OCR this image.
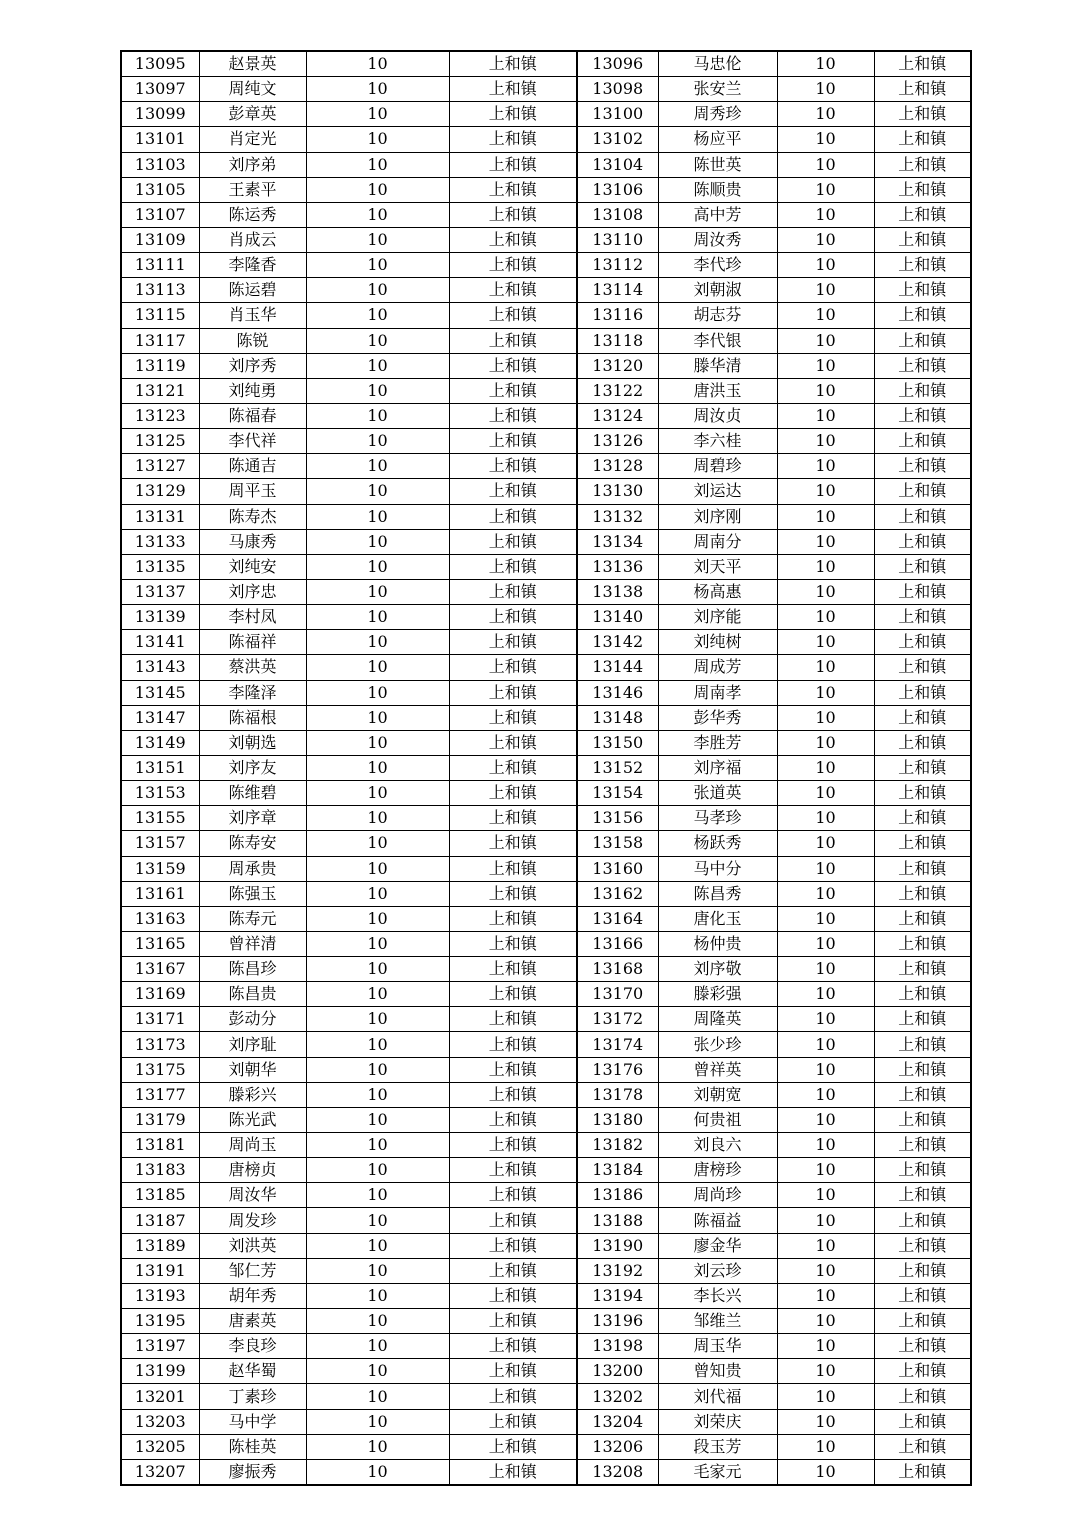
13095	赵景英	10	上和镇	13096	马忠伦	10	上和镇
13097	周纯文	10	上和镇	13098	张安兰	10	上和镇
13099	彭章英	10	上和镇	13100	周秀珍	10	上和镇
13101	肖定光	10	上和镇	13102	杨应平	10	上和镇
13103	刘序弟	10	上和镇	13104	陈世英	10	上和镇
13105	王素平	10	上和镇	13106	陈顺贵	10	上和镇
13107	陈运秀	10	上和镇	13108	高中芳	10	上和镇
13109	肖成云	10	上和镇	13110	周汝秀	10	上和镇
13111	李隆香	10	上和镇	13112	李代珍	10	上和镇
13113	陈运碧	10	上和镇	13114	刘朝淑	10	上和镇
13115	肖玉华	10	上和镇	13116	胡志芬	10	上和镇
13117	陈锐	10	上和镇	13118	李代银	10	上和镇
13119	刘序秀	10	上和镇	13120	滕华清	10	上和镇
13121	刘纯勇	10	上和镇	13122	唐洪玉	10	上和镇
13123	陈福春	10	上和镇	13124	周汝贞	10	上和镇
13125	李代祥	10	上和镇	13126	李六桂	10	上和镇
13127	陈通吉	10	上和镇	13128	周碧珍	10	上和镇
13129	周平玉	10	上和镇	13130	刘运达	10	上和镇
13131	陈寿杰	10	上和镇	13132	刘序刚	10	上和镇
13133	马康秀	10	上和镇	13134	周南分	10	上和镇
13135	刘纯安	10	上和镇	13136	刘天平	10	上和镇
13137	刘序忠	10	上和镇	13138	杨高惠	10	上和镇
13139	李村凤	10	上和镇	13140	刘序能	10	上和镇
13141	陈福祥	10	上和镇	13142	刘纯树	10	上和镇
13143	蔡洪英	10	上和镇	13144	周成芳	10	上和镇
13145	李隆泽	10	上和镇	13146	周南孝	10	上和镇
13147	陈福根	10	上和镇	13148	彭华秀	10	上和镇
13149	刘朝选	10	上和镇	13150	李胜芳	10	上和镇
13151	刘序友	10	上和镇	13152	刘序福	10	上和镇
13153	陈维碧	10	上和镇	13154	张道英	10	上和镇
13155	刘序章	10	上和镇	13156	马孝珍	10	上和镇
13157	陈寿安	10	上和镇	13158	杨跃秀	10	上和镇
13159	周承贵	10	上和镇	13160	马中分	10	上和镇
13161	陈强玉	10	上和镇	13162	陈昌秀	10	上和镇
13163	陈寿元	10	上和镇	13164	唐化玉	10	上和镇
13165	曾祥清	10	上和镇	13166	杨仲贵	10	上和镇
13167	陈昌珍	10	上和镇	13168	刘序敬	10	上和镇
13169	陈昌贵	10	上和镇	13170	滕彩强	10	上和镇
13171	彭动分	10	上和镇	13172	周隆英	10	上和镇
13173	刘序耻	10	上和镇	13174	张少珍	10	上和镇
13175	刘朝华	10	上和镇	13176	曾祥英	10	上和镇
13177	滕彩兴	10	上和镇	13178	刘朝宽	10	上和镇
13179	陈光武	10	上和镇	13180	何贵祖	10	上和镇
13181	周尚玉	10	上和镇	13182	刘良六	10	上和镇
13183	唐榜贞	10	上和镇	13184	唐榜珍	10	上和镇
13185	周汝华	10	上和镇	13186	周尚珍	10	上和镇
13187	周发珍	10	上和镇	13188	陈福益	10	上和镇
13189	刘洪英	10	上和镇	13190	廖金华	10	上和镇
13191	邹仁芳	10	上和镇	13192	刘云珍	10	上和镇
13193	胡年秀	10	上和镇	13194	李长兴	10	上和镇
13195	唐素英	10	上和镇	13196	邹维兰	10	上和镇
13197	李良珍	10	上和镇	13198	周玉华	10	上和镇
13199	赵华蜀	10	上和镇	13200	曾知贵	10	上和镇
13201	丁素珍	10	上和镇	13202	刘代福	10	上和镇
13203	马中学	10	上和镇	13204	刘荣庆	10	上和镇
13205	陈桂英	10	上和镇	13206	段玉芳	10	上和镇
13207	廖振秀	10	上和镇	13208	毛家元	10	上和镇
